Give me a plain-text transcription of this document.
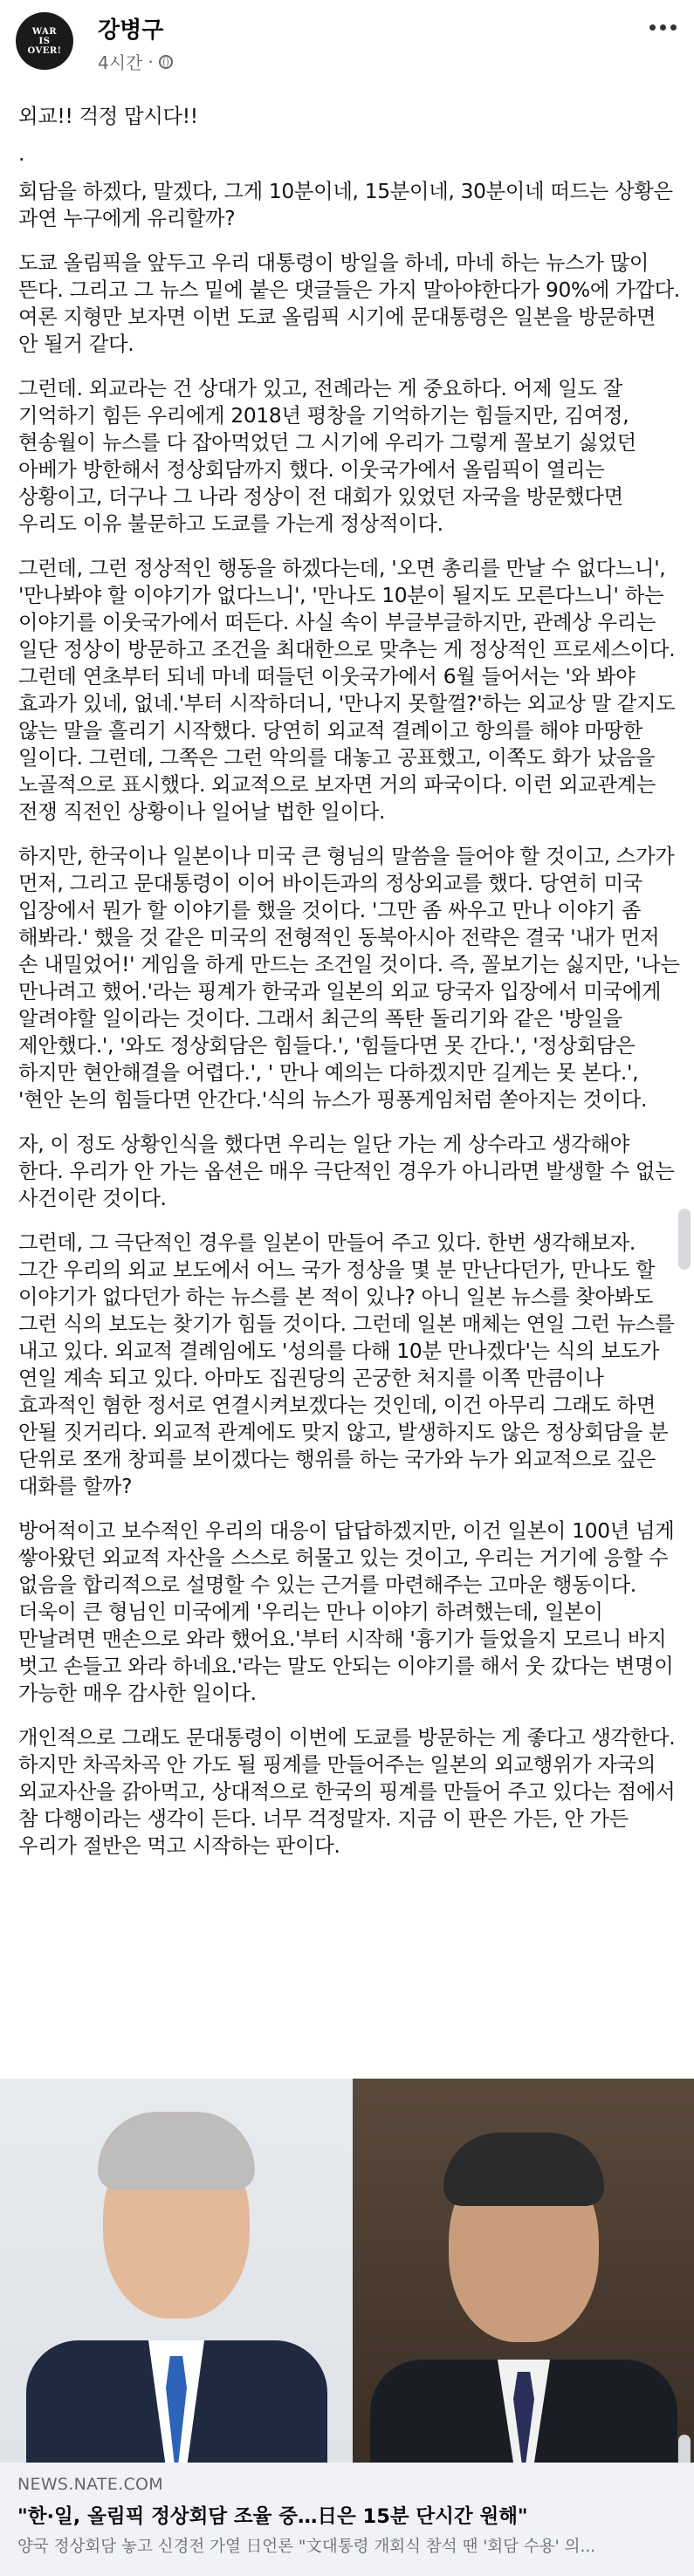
WAR
IS
OVER!
강병구
4시간 ·

외교!! 걱정 맙시다!!

.

회담을 하겠다, 말겠다, 그게 10분이네, 15분이네, 30분이네 떠드는 상황은 과연 누구에게 유리할까?

도쿄 올림픽을 앞두고 우리 대통령이 방일을 하네, 마네 하는 뉴스가 많이 뜬다. 그리고 그 뉴스 밑에 붙은 댓글들은 가지 말아야한다가 90%에 가깝다. 여론 지형만 보자면 이번 도쿄 올림픽 시기에 문대통령은 일본을 방문하면 안 될거 같다.

그런데. 외교라는 건 상대가 있고, 전례라는 게 중요하다. 어제 일도 잘 기억하기 힘든 우리에게 2018년 평창을 기억하기는 힘들지만, 김여정, 현송월이 뉴스를 다 잡아먹었던 그 시기에 우리가 그렇게 꼴보기 싫었던 아베가 방한해서 정상회담까지 했다. 이웃국가에서 올림픽이 열리는 상황이고, 더구나 그 나라 정상이 전 대회가 있었던 자국을 방문했다면 우리도 이유 불문하고 도쿄를 가는게 정상적이다.

그런데, 그런 정상적인 행동을 하겠다는데, '오면 총리를 만날 수 없다느니', '만나봐야 할 이야기가 없다느니', '만나도 10분이 될지도 모른다느니' 하는 이야기를 이웃국가에서 떠든다. 사실 속이 부글부글하지만, 관례상 우리는 일단 정상이 방문하고 조건을 최대한으로 맞추는 게 정상적인 프로세스이다. 그런데 연초부터 되네 마네 떠들던 이웃국가에서 6월 들어서는 '와 봐야 효과가 있네, 없네.'부터 시작하더니, '만나지 못할껄?'하는 외교상 말 같지도 않는 말을 흘리기 시작했다. 당연히 외교적 결례이고 항의를 해야 마땅한 일이다. 그런데, 그쪽은 그런 악의를 대놓고 공표했고, 이쪽도 화가 났음을 노골적으로 표시했다. 외교적으로 보자면 거의 파국이다. 이런 외교관계는 전쟁 직전인 상황이나 일어날 법한 일이다.

하지만, 한국이나 일본이나 미국 큰 형님의 말씀을 들어야 할 것이고, 스가가 먼저, 그리고 문대통령이 이어 바이든과의 정상외교를 했다. 당연히 미국 입장에서 뭔가 할 이야기를 했을 것이다. '그만 좀 싸우고 만나 이야기 좀 해봐라.' 했을 것 같은 미국의 전형적인 동북아시아 전략은 결국 '내가 먼저 손 내밀었어!' 게임을 하게 만드는 조건일 것이다. 즉, 꼴보기는 싫지만, '나는 만나려고 했어.'라는 핑계가 한국과 일본의 외교 당국자 입장에서 미국에게 알려야할 일이라는 것이다. 그래서 최근의 폭탄 돌리기와 같은 '방일을 제안했다.', '와도 정상회담은 힘들다.', '힘들다면 못 간다.', '정상회담은 하지만 현안해결을 어렵다.', ' 만나 예의는 다하겠지만 길게는 못 본다.', '현안 논의 힘들다면 안간다.'식의 뉴스가 핑퐁게임처럼 쏟아지는 것이다.

자, 이 정도 상황인식을 했다면 우리는 일단 가는 게 상수라고 생각해야 한다. 우리가 안 가는 옵션은 매우 극단적인 경우가 아니라면 발생할 수 없는 사건이란 것이다.

그런데, 그 극단적인 경우를 일본이 만들어 주고 있다. 한번 생각해보자. 그간 우리의 외교 보도에서 어느 국가 정상을 몇 분 만난다던가, 만나도 할 이야기가 없다던가 하는 뉴스를 본 적이 있나? 아니 일본 뉴스를 찾아봐도 그런 식의 보도는 찾기가 힘들 것이다. 그런데 일본 매체는 연일 그런 뉴스를 내고 있다. 외교적 결례임에도 '성의를 다해 10분 만나겠다'는 식의 보도가 연일 계속 되고 있다. 아마도 집권당의 곤궁한 처지를 이쪽 만큼이나 효과적인 혐한 정서로 연결시켜보겠다는 것인데, 이건 아무리 그래도 하면 안될 짓거리다. 외교적 관계에도 맞지 않고, 발생하지도 않은 정상회담을 분 단위로 쪼개 창피를 보이겠다는 행위를 하는 국가와 누가 외교적으로 깊은 대화를 할까?

방어적이고 보수적인 우리의 대응이 답답하겠지만, 이건 일본이 100년 넘게 쌓아왔던 외교적 자산을 스스로 허물고 있는 것이고, 우리는 거기에 응할 수 없음을 합리적으로 설명할 수 있는 근거를 마련해주는 고마운 행동이다. 더욱이 큰 형님인 미국에게 '우리는 만나 이야기 하려했는데, 일본이 만날려면 맨손으로 와라 했어요.'부터 시작해 '흉기가 들었을지 모르니 바지 벗고 손들고 와라 하네요.'라는 말도 안되는 이야기를 해서 웃 갔다는 변명이 가능한 매우 감사한 일이다.

개인적으로 그래도 문대통령이 이번에 도쿄를 방문하는 게 좋다고 생각한다. 하지만 차곡차곡 안 가도 될 핑계를 만들어주는 일본의 외교행위가 자국의 외교자산을 갉아먹고, 상대적으로 한국의 핑계를 만들어 주고 있다는 점에서 참 다행이라는 생각이 든다. 너무 걱정말자. 지금 이 판은 가든, 안 가든 우리가 절반은 먹고 시작하는 판이다.

NEWS.NATE.COM
"한·일, 올림픽 정상회담 조율 중…日은 15분 단시간 원해"
양국 정상회담 놓고 신경전 가열 日언론 "文대통령 개회식 참석 땐 '회담 수용' 의...
